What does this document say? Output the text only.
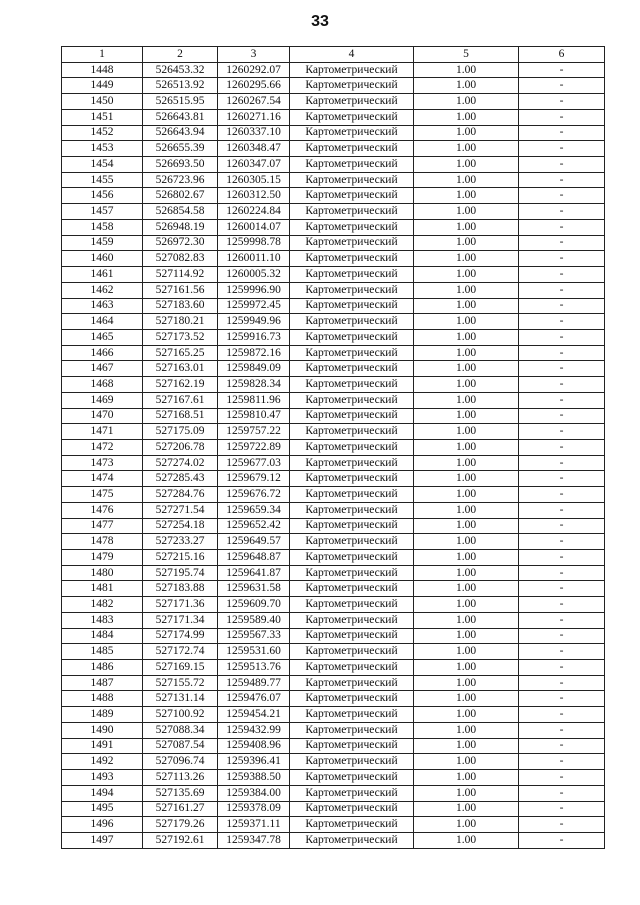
33
1	2	3	4	5	6
1448	526453.32	1260292.07	Картометрический	1.00	-
1449	526513.92	1260295.66	Картометрический	1.00	-
1450	526515.95	1260267.54	Картометрический	1.00	-
1451	526643.81	1260271.16	Картометрический	1.00	-
1452	526643.94	1260337.10	Картометрический	1.00	-
1453	526655.39	1260348.47	Картометрический	1.00	-
1454	526693.50	1260347.07	Картометрический	1.00	-
1455	526723.96	1260305.15	Картометрический	1.00	-
1456	526802.67	1260312.50	Картометрический	1.00	-
1457	526854.58	1260224.84	Картометрический	1.00	-
1458	526948.19	1260014.07	Картометрический	1.00	-
1459	526972.30	1259998.78	Картометрический	1.00	-
1460	527082.83	1260011.10	Картометрический	1.00	-
1461	527114.92	1260005.32	Картометрический	1.00	-
1462	527161.56	1259996.90	Картометрический	1.00	-
1463	527183.60	1259972.45	Картометрический	1.00	-
1464	527180.21	1259949.96	Картометрический	1.00	-
1465	527173.52	1259916.73	Картометрический	1.00	-
1466	527165.25	1259872.16	Картометрический	1.00	-
1467	527163.01	1259849.09	Картометрический	1.00	-
1468	527162.19	1259828.34	Картометрический	1.00	-
1469	527167.61	1259811.96	Картометрический	1.00	-
1470	527168.51	1259810.47	Картометрический	1.00	-
1471	527175.09	1259757.22	Картометрический	1.00	-
1472	527206.78	1259722.89	Картометрический	1.00	-
1473	527274.02	1259677.03	Картометрический	1.00	-
1474	527285.43	1259679.12	Картометрический	1.00	-
1475	527284.76	1259676.72	Картометрический	1.00	-
1476	527271.54	1259659.34	Картометрический	1.00	-
1477	527254.18	1259652.42	Картометрический	1.00	-
1478	527233.27	1259649.57	Картометрический	1.00	-
1479	527215.16	1259648.87	Картометрический	1.00	-
1480	527195.74	1259641.87	Картометрический	1.00	-
1481	527183.88	1259631.58	Картометрический	1.00	-
1482	527171.36	1259609.70	Картометрический	1.00	-
1483	527171.34	1259589.40	Картометрический	1.00	-
1484	527174.99	1259567.33	Картометрический	1.00	-
1485	527172.74	1259531.60	Картометрический	1.00	-
1486	527169.15	1259513.76	Картометрический	1.00	-
1487	527155.72	1259489.77	Картометрический	1.00	-
1488	527131.14	1259476.07	Картометрический	1.00	-
1489	527100.92	1259454.21	Картометрический	1.00	-
1490	527088.34	1259432.99	Картометрический	1.00	-
1491	527087.54	1259408.96	Картометрический	1.00	-
1492	527096.74	1259396.41	Картометрический	1.00	-
1493	527113.26	1259388.50	Картометрический	1.00	-
1494	527135.69	1259384.00	Картометрический	1.00	-
1495	527161.27	1259378.09	Картометрический	1.00	-
1496	527179.26	1259371.11	Картометрический	1.00	-
1497	527192.61	1259347.78	Картометрический	1.00	-
